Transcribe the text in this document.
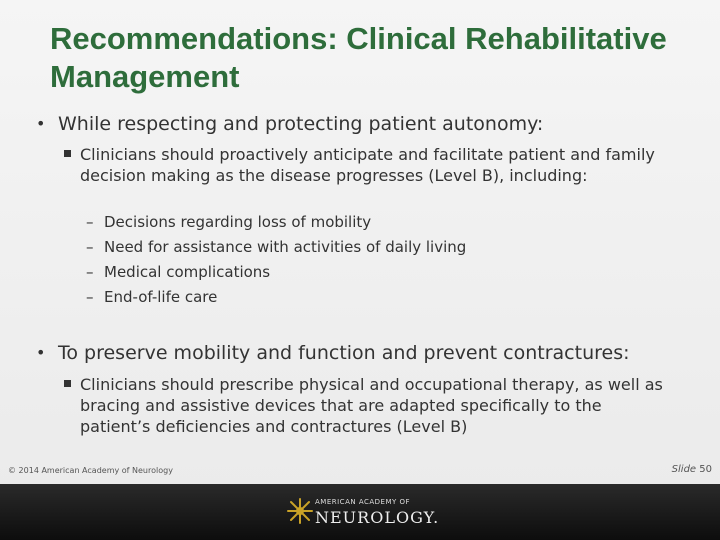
Recommendations: Clinical Rehabilitative Management
• While respecting and protecting patient autonomy:
Clinicians should proactively anticipate and facilitate patient and family decision making as the disease progresses (Level B), including:
– Decisions regarding loss of mobility
– Need for assistance with activities of daily living
– Medical complications
– End-of-life care
• To preserve mobility and function and prevent contractures:
Clinicians should prescribe physical and occupational therapy, as well as bracing and assistive devices that are adapted specifically to the patient’s deficiencies and contractures (Level B)
© 2014 American Academy of Neurology	Slide 50
AMERICAN ACADEMY OF
NEUROLOGY.
